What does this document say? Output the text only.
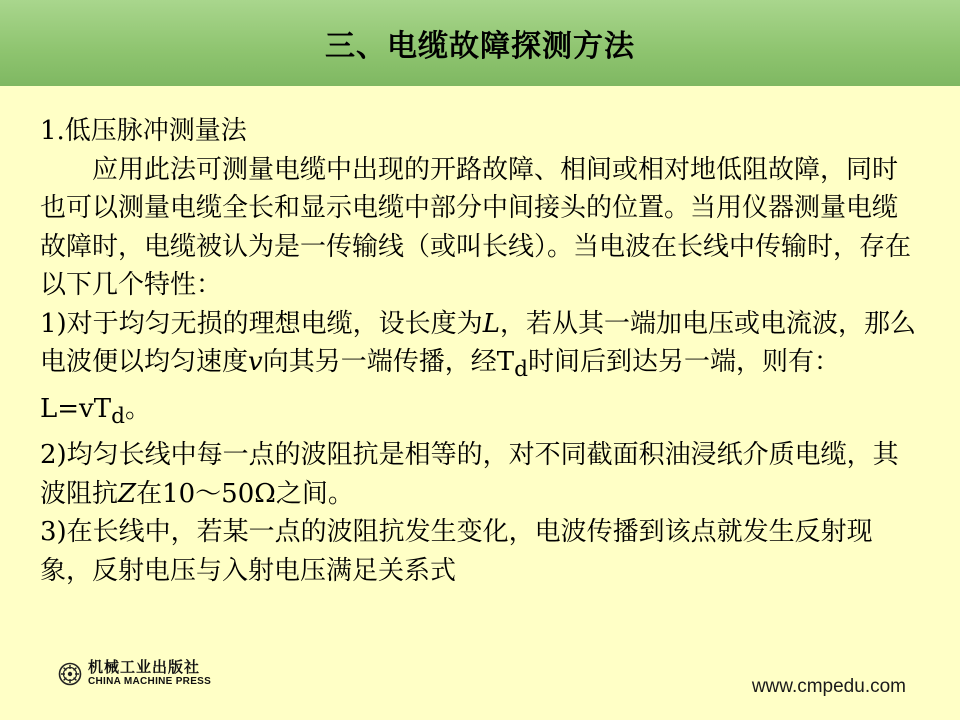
三、电缆故障探测方法

1.低压脉冲测量法

应用此法可测量电缆中出现的开路故障、相间或相对地低阻故障，同时也可以测量电缆全长和显示电缆中部分中间接头的位置。当用仪器测量电缆故障时，电缆被认为是一传输线（或叫长线）。当电波在长线中传输时，存在以下几个特性：

1)对于均匀无损的理想电缆，设长度为L，若从其一端加电压或电流波，那么电波便以均匀速度v向其另一端传播，经$T_d$时间后到达另一端，则有：$L=vT_d$。

2)均匀长线中每一点的波阻抗是相等的，对不同截面积油浸纸介质电缆，其波阻抗Z在10～50Ω之间。

3)在长线中，若某一点的波阻抗发生变化，电波传播到该点就发生反射现象，反射电压与入射电压满足关系式

机械工业出版社
CHINA MACHINE PRESS	www.cmpedu.com
